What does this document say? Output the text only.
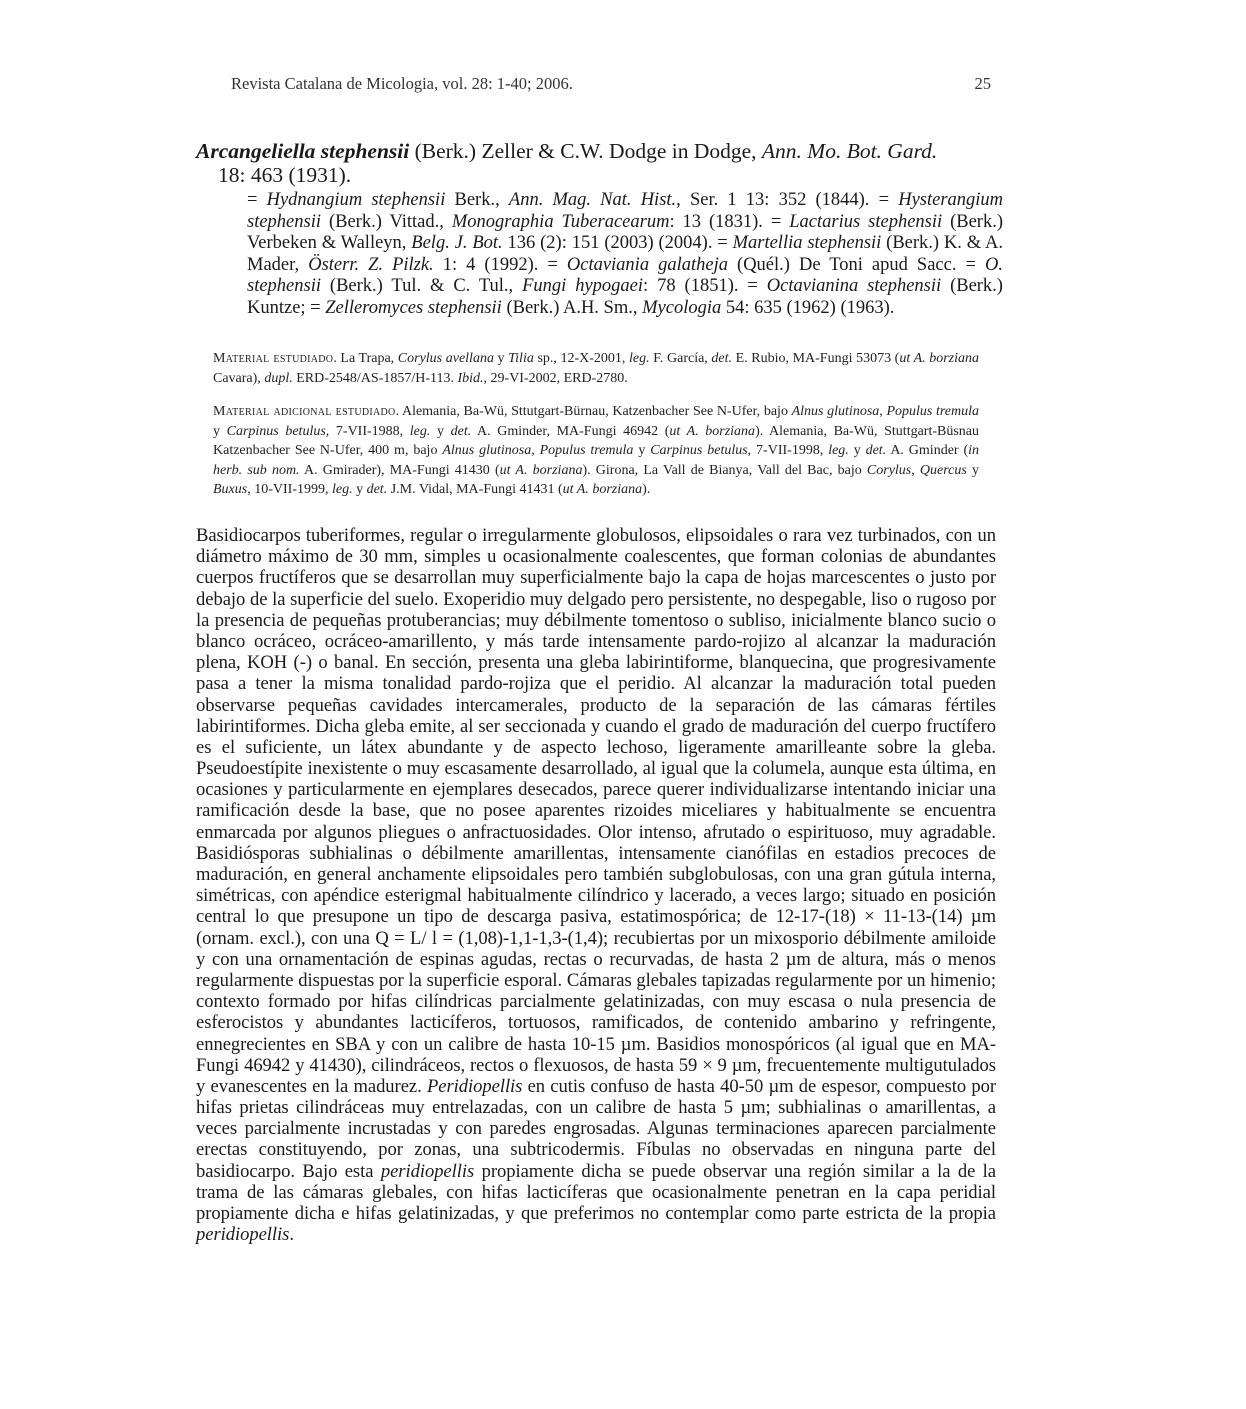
Revista Catalana de Micologia, vol. 28: 1-40; 2006.	25
Arcangeliella stephensii (Berk.) Zeller & C.W. Dodge in Dodge, Ann. Mo. Bot. Gard.
18: 463 (1931).
= Hydnangium stephensii Berk., Ann. Mag. Nat. Hist., Ser. 1 13: 352 (1844). = Hysterangium stephensii (Berk.) Vittad., Monographia Tuberacearum: 13 (1831). = Lactarius stephensii (Berk.) Verbeken & Walleyn, Belg. J. Bot. 136 (2): 151 (2003) (2004). = Martellia stephensii (Berk.) K. & A. Mader, Österr. Z. Pilzk. 1: 4 (1992). = Octaviania galatheja (Quél.) De Toni apud Sacc. = O. stephensii (Berk.) Tul. & C. Tul., Fungi hypogaei: 78 (1851). = Octavianina stephensii (Berk.) Kuntze; = Zelleromyces stephensii (Berk.) A.H. Sm., Mycologia 54: 635 (1962) (1963).
Material estudiado. La Trapa, Corylus avellana y Tilia sp., 12-X-2001, leg. F. García, det. E. Rubio, MA-Fungi 53073 (ut A. borziana Cavara), dupl. ERD-2548/AS-1857/H-113. Ibid., 29-VI-2002, ERD-2780.
Material adicional estudiado. Alemania, Ba-Wü, Sttutgart-Bürnau, Katzenbacher See N-Ufer, bajo Alnus glutinosa, Populus tremula y Carpinus betulus, 7-VII-1988, leg. y det. A. Gminder, MA-Fungi 46942 (ut A. borziana). Alemania, Ba-Wü, Stuttgart-Büsnau Katzenbacher See N-Ufer, 400 m, bajo Alnus glutinosa, Populus tremula y Carpinus betulus, 7-VII-1998, leg. y det. A. Gminder (in herb. sub nom. A. Gmirader), MA-Fungi 41430 (ut A. borziana). Girona, La Vall de Bianya, Vall del Bac, bajo Corylus, Quercus y Buxus, 10-VII-1999, leg. y det. J.M. Vidal, MA-Fungi 41431 (ut A. borziana).
Basidiocarpos tuberiformes, regular o irregularmente globulosos, elipsoidales o rara vez turbinados, con un diámetro máximo de 30 mm, simples u ocasionalmente coalescentes, que forman colonias de abundantes cuerpos fructíferos que se desarrollan muy superficialmente bajo la capa de hojas marcescentes o justo por debajo de la superficie del suelo. Exoperidio muy delgado pero persistente, no despegable, liso o rugoso por la presencia de pequeñas protuberancias; muy débilmente tomentoso o subliso, inicialmente blanco sucio o blanco ocráceo, ocráceo-amarillento, y más tarde intensamente pardo-rojizo al alcanzar la maduración plena, KOH (-) o banal. En sección, presenta una gleba labirintiforme, blanquecina, que progresivamente pasa a tener la misma tonalidad pardo-rojiza que el peridio. Al alcanzar la maduración total pueden observarse pequeñas cavidades intercamerales, producto de la separación de las cámaras fértiles labirintiformes. Dicha gleba emite, al ser seccionada y cuando el grado de maduración del cuerpo fructífero es el suficiente, un látex abundante y de aspecto lechoso, ligeramente amarilleante sobre la gleba. Pseudoestípite inexistente o muy escasamente desarrollado, al igual que la columela, aunque esta última, en ocasiones y particularmente en ejemplares desecados, parece querer individualizarse intentando iniciar una ramificación desde la base, que no posee aparentes rizoides miceliares y habitualmente se encuentra enmarcada por algunos pliegues o anfractuosidades. Olor intenso, afrutado o espirituoso, muy agradable. Basidiósporas subhialinas o débilmente amarillentas, intensamente cianófilas en estadios precoces de maduración, en general anchamente elipsoidales pero también subglobulosas, con una gran gútula interna, simétricas, con apéndice esterigmal habitualmente cilíndrico y lacerado, a veces largo; situado en posición central lo que presupone un tipo de descarga pasiva, estatimospórica; de 12-17-(18) × 11-13-(14) µm (ornam. excl.), con una Q = L/ l = (1,08)-1,1-1,3-(1,4); recubiertas por un mixosporio débilmente amiloide y con una ornamentación de espinas agudas, rectas o recurvadas, de hasta 2 µm de altura, más o menos regularmente dispuestas por la superficie esporal. Cámaras glebales tapizadas regularmente por un himenio; contexto formado por hifas cilíndricas parcialmente gelatinizadas, con muy escasa o nula presencia de esferocistos y abundantes lacticíferos, tortuosos, ramificados, de contenido ambarino y refringente, ennegrecientes en SBA y con un calibre de hasta 10-15 µm. Basidios monospóricos (al igual que en MA-Fungi 46942 y 41430), cilindráceos, rectos o flexuosos, de hasta 59 × 9 µm, frecuentemente multigutulados y evanescentes en la madurez. Peridiopellis en cutis confuso de hasta 40-50 µm de espesor, compuesto por hifas prietas cilindráceas muy entrelazadas, con un calibre de hasta 5 µm; subhialinas o amarillentas, a veces parcialmente incrustadas y con paredes engrosadas. Algunas terminaciones aparecen parcialmente erectas constituyendo, por zonas, una subtricodermis. Fíbulas no observadas en ninguna parte del basidiocarpo. Bajo esta peridiopellis propiamente dicha se puede observar una región similar a la de la trama de las cámaras glebales, con hifas lacticíferas que ocasionalmente penetran en la capa peridial propiamente dicha e hifas gelatinizadas, y que preferimos no contemplar como parte estricta de la propia peridiopellis.
